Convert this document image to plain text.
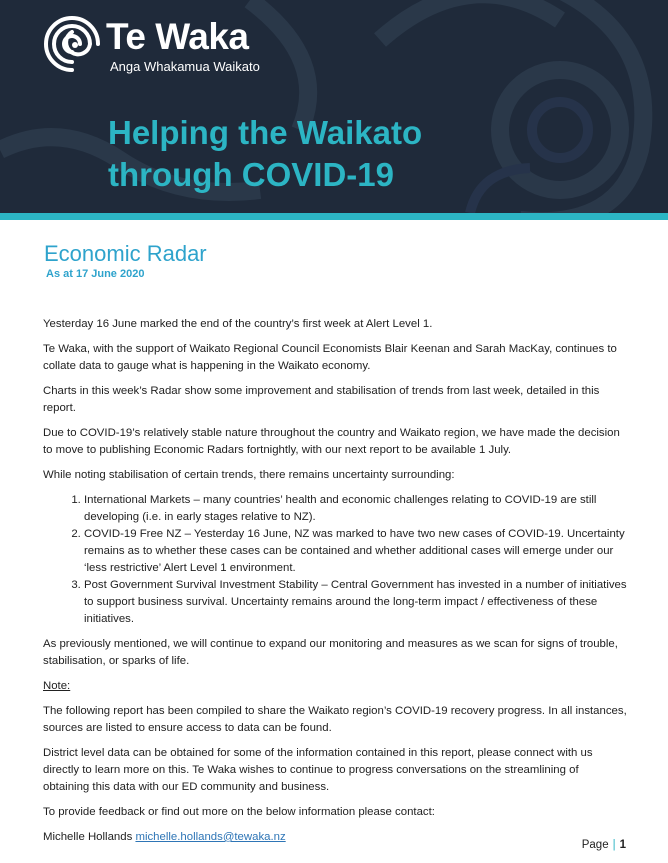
Te Waka
Anga Whakamua Waikato
Helping the Waikato
through COVID-19
Economic Radar
As at 17 June 2020

Yesterday 16 June marked the end of the country’s first week at Alert Level 1.

Te Waka, with the support of Waikato Regional Council Economists Blair Keenan and Sarah MacKay, continues to collate data to gauge what is happening in the Waikato economy.

Charts in this week’s Radar show some improvement and stabilisation of trends from last week, detailed in this report.

Due to COVID-19’s relatively stable nature throughout the country and Waikato region, we have made the decision to move to publishing Economic Radars fortnightly, with our next report to be available 1 July.

While noting stabilisation of certain trends, there remains uncertainty surrounding:

1. International Markets – many countries’ health and economic challenges relating to COVID-19 are still developing (i.e. in early stages relative to NZ).
2. COVID-19 Free NZ – Yesterday 16 June, NZ was marked to have two new cases of COVID-19. Uncertainty remains as to whether these cases can be contained and whether additional cases will emerge under our ‘less restrictive’ Alert Level 1 environment.
3. Post Government Survival Investment Stability – Central Government has invested in a number of initiatives to support business survival. Uncertainty remains around the long-term impact / effectiveness of these initiatives.

As previously mentioned, we will continue to expand our monitoring and measures as we scan for signs of trouble, stabilisation, or sparks of life.

Note:

The following report has been compiled to share the Waikato region’s COVID-19 recovery progress. In all instances, sources are listed to ensure access to data can be found.

District level data can be obtained for some of the information contained in this report, please connect with us directly to learn more on this. Te Waka wishes to continue to progress conversations on the streamlining of obtaining this data with our ED community and business.

To provide feedback or find out more on the below information please contact:

Michelle Hollands michelle.hollands@tewaka.nz

Page | 1
